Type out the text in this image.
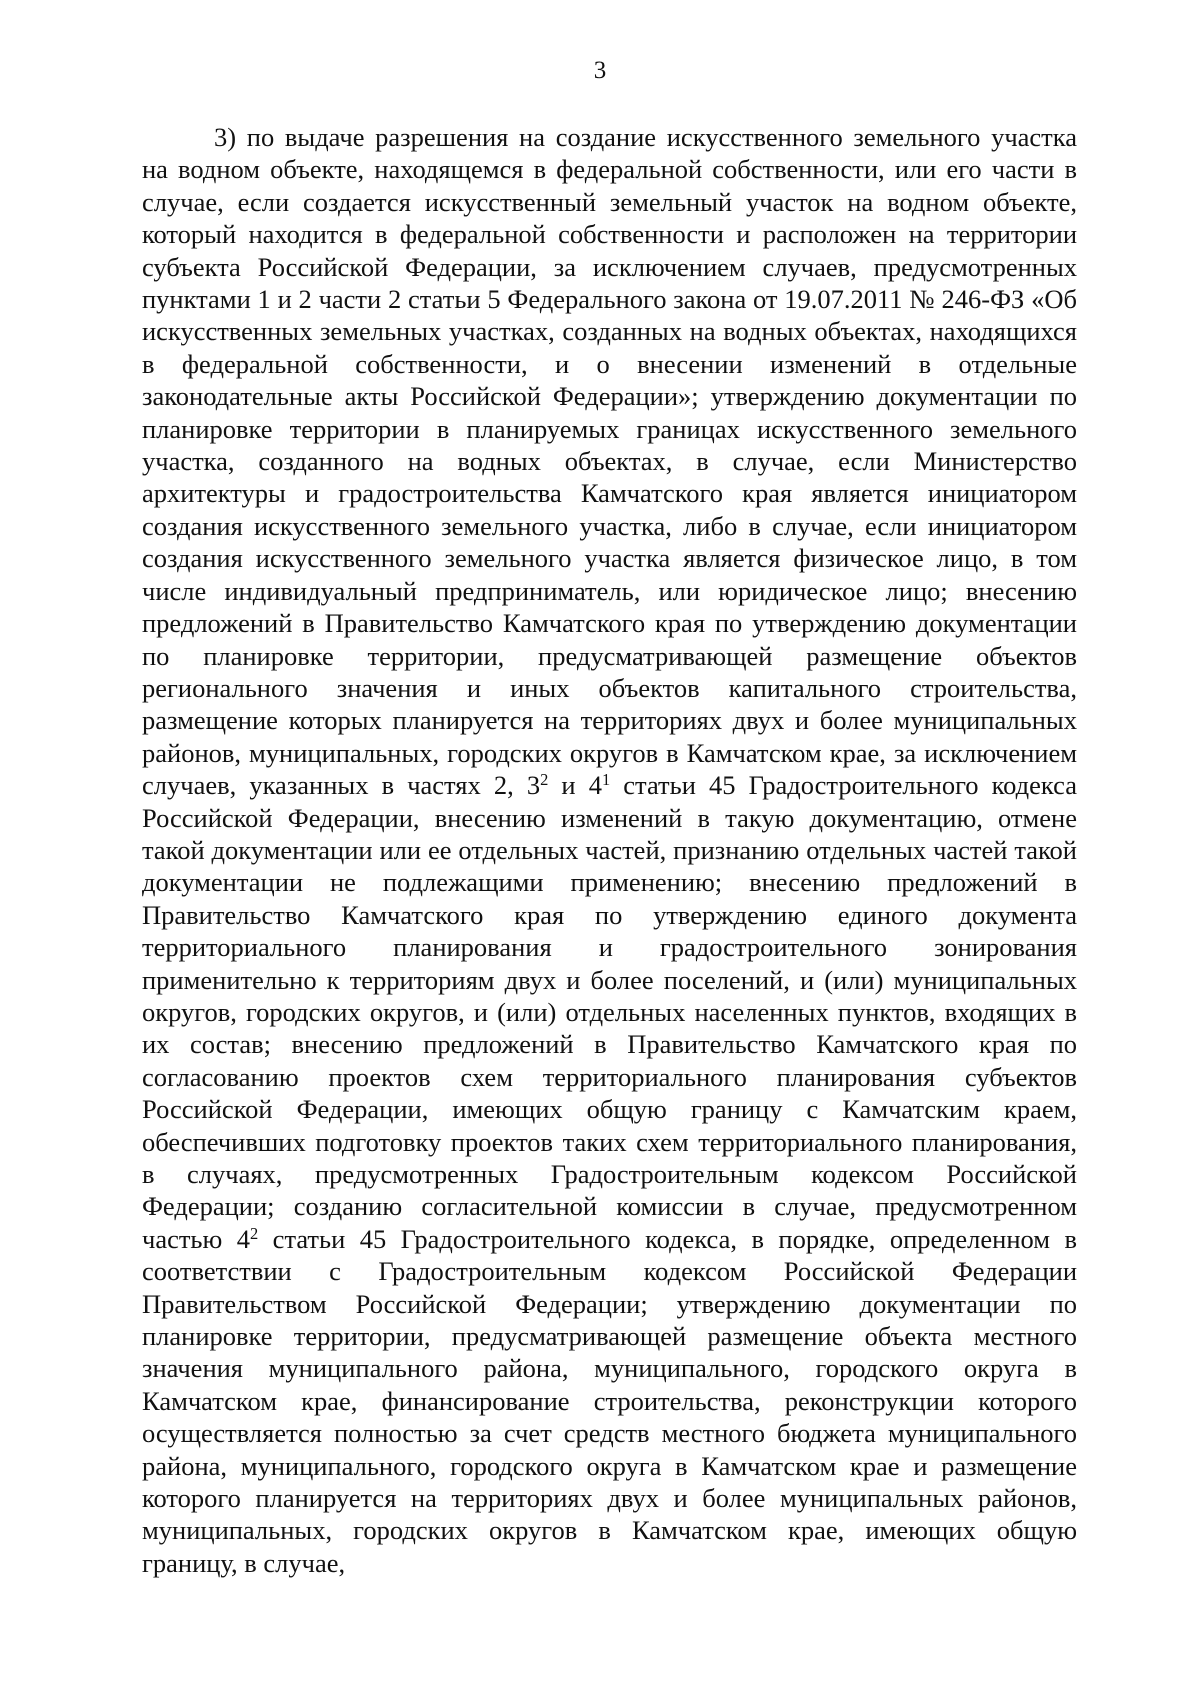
3

3) по выдаче разрешения на создание искусственного земельного участка на водном объекте, находящемся в федеральной собственности, или его части в случае, если создается искусственный земельный участок на водном объекте, который находится в федеральной собственности и расположен на территории субъекта Российской Федерации, за исключением случаев, предусмотренных пунктами 1 и 2 части 2 статьи 5 Федерального закона от 19.07.2011 № 246-ФЗ «Об искусственных земельных участках, созданных на водных объектах, находящихся в федеральной собственности, и о внесении изменений в отдельные законодательные акты Российской Федерации»; утверждению документации по планировке территории в планируемых границах искусственного земельного участка, созданного на водных объектах, в случае, если Министерство архитектуры и градостроительства Камчатского края является инициатором создания искусственного земельного участка, либо в случае, если инициатором создания искусственного земельного участка является физическое лицо, в том числе индивидуальный предприниматель, или юридическое лицо; внесению предложений в Правительство Камчатского края по утверждению документации по планировке территории, предусматривающей размещение объектов регионального значения и иных объектов капитального строительства, размещение которых планируется на территориях двух и более муниципальных районов, муниципальных, городских округов в Камчатском крае, за исключением случаев, указанных в частях 2, $3^2$ и $4^1$ статьи 45 Градостроительного кодекса Российской Федерации, внесению изменений в такую документацию, отмене такой документации или ее отдельных частей, признанию отдельных частей такой документации не подлежащими применению; внесению предложений в Правительство Камчатского края по утверждению единого документа территориального планирования и градостроительного зонирования применительно к территориям двух и более поселений, и (или) муниципальных округов, городских округов, и (или) отдельных населенных пунктов, входящих в их состав; внесению предложений в Правительство Камчатского края по согласованию проектов схем территориального планирования субъектов Российской Федерации, имеющих общую границу с Камчатским краем, обеспечивших подготовку проектов таких схем территориального планирования, в случаях, предусмотренных Градостроительным кодексом Российской Федерации; созданию согласительной комиссии в случае, предусмотренном частью $4^2$ статьи 45 Градостроительного кодекса, в порядке, определенном в соответствии с Градостроительным кодексом Российской Федерации Правительством Российской Федерации; утверждению документации по планировке территории, предусматривающей размещение объекта местного значения муниципального района, муниципального, городского округа в Камчатском крае, финансирование строительства, реконструкции которого осуществляется полностью за счет средств местного бюджета муниципального района, муниципального, городского округа в Камчатском крае и размещение которого планируется на территориях двух и более муниципальных районов, муниципальных, городских округов в Камчатском крае, имеющих общую границу, в случае,
